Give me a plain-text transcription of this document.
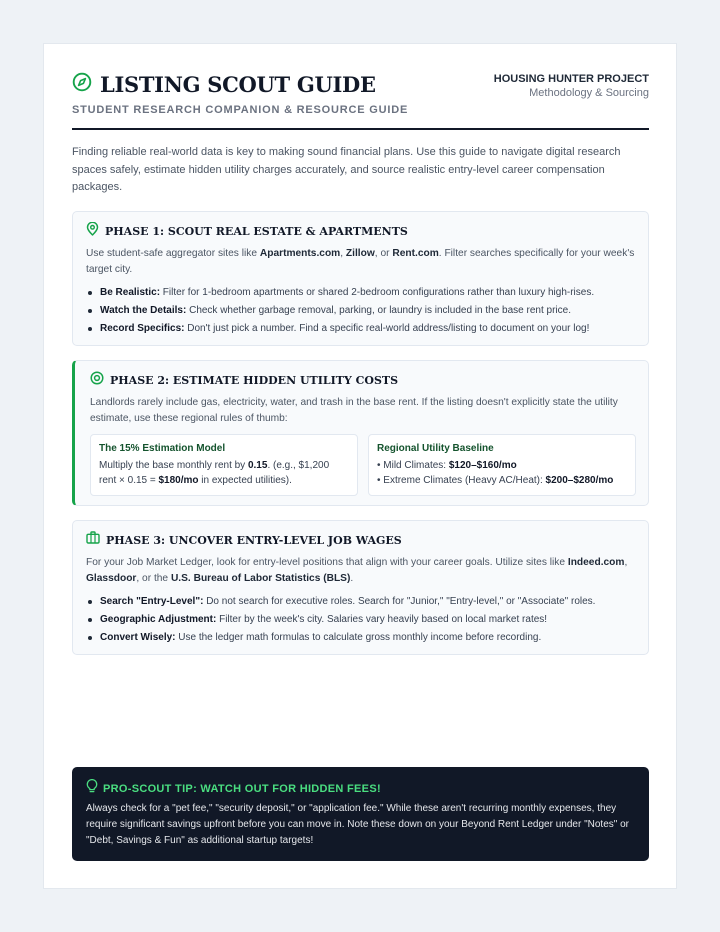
LISTING SCOUT GUIDE
STUDENT RESEARCH COMPANION & RESOURCE GUIDE
HOUSING HUNTER PROJECT
Methodology & Sourcing

Finding reliable real-world data is key to making sound financial plans. Use this guide to navigate digital research spaces safely, estimate hidden utility charges accurately, and source realistic entry-level career compensation packages.

PHASE 1: SCOUT REAL ESTATE & APARTMENTS

Use student-safe aggregator sites like Apartments.com, Zillow, or Rent.com. Filter searches specifically for your week's target city.

Be Realistic: Filter for 1-bedroom apartments or shared 2-bedroom configurations rather than luxury high-rises.
Watch the Details: Check whether garbage removal, parking, or laundry is included in the base rent price.
Record Specifics: Don't just pick a number. Find a specific real-world address/listing to document on your log!
PHASE 2: ESTIMATE HIDDEN UTILITY COSTS

Landlords rarely include gas, electricity, water, and trash in the base rent. If the listing doesn't explicitly state the utility estimate, use these regional rules of thumb:

The 15% Estimation Model
Multiply the base monthly rent by 0.15. (e.g., $1,200 rent × 0.15 = $180/mo in expected utilities).
Regional Utility Baseline
• Mild Climates: $120–$160/mo
• Extreme Climates (Heavy AC/Heat): $200–$280/mo
PHASE 3: UNCOVER ENTRY-LEVEL JOB WAGES

For your Job Market Ledger, look for entry-level positions that align with your career goals. Utilize sites like Indeed.com, Glassdoor, or the U.S. Bureau of Labor Statistics (BLS).

Search "Entry-Level": Do not search for executive roles. Search for "Junior," "Entry-level," or "Associate" roles.
Geographic Adjustment: Filter by the week's city. Salaries vary heavily based on local market rates!
Convert Wisely: Use the ledger math formulas to calculate gross monthly income before recording.
PRO-SCOUT TIP: WATCH OUT FOR HIDDEN FEES!

Always check for a "pet fee," "security deposit," or "application fee." While these aren't recurring monthly expenses, they require significant savings upfront before you can move in. Note these down on your Beyond Rent Ledger under "Notes" or "Debt, Savings & Fun" as additional startup targets!
